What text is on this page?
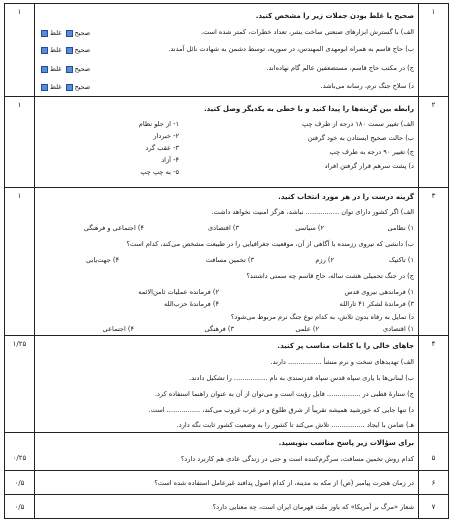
۱
۱	صحیح یا غلط بودن جملات زیر را مشخص کنید.
الف) با گسترش ابزارهای صنعتی ساخت بشر، تعداد خطرات، کمتر شده است.
ب) حاج قاسم به همراه ابومهدی المهندس، در سوریه، توسط دشمن به شهادت نائل آمدند.
ج) در مکتب حاج قاسم، مستضعفین عالم گام نهاده‌اند.
د) سلاح جنگ نرم، رسانه می‌باشد.
صحیح غلط
صحیح غلط
صحیح غلط
صحیح غلط
۲
۱	رابطه بین گزینه‌ها را پیدا کنید و با خطی به یکدیگر وصل کنید.
الف) تغییر سمت ۱۸۰ درجه از طرف چپ
ب) حالت صحیح ایستادن به خود گرفتن
ج) تغییر ۹۰ درجه به طرف چپ
د) پشت سرهم قرار گرفتن افراد
۱- از جلو نظام
۲- خبردار
۳- عقب گرد
۴- آزاد
۵- به چپ چپ
۳
۱	گزینه درست را در هر مورد انتخاب کنید.
الف) اگر کشور دارای توان ................ نباشد، هرگز امنیت نخواهد داشت.
۱) نظامی
۲) سیاسی
۳) اقتصادی
۴) اجتماعی و فرهنگی
ب) دانشی که نیروی رزمنده با آگاهی از آن، موقعیت جغرافیایی را در طبیعت مشخص می‌کند، کدام است؟
۱) تاکتیک
۲) رزم
۳) تخمین مسافت
۴) جهت‌یابی
ج) در جنگ تحمیلی هشت ساله، حاج قاسم چه سمتی داشتند؟
۱) فرماندهی نیروی قدس
۲) فرمانده عملیات ثامن‌الائمه
۳) فرماندهٔ لشکر ۴۱ ثارالله
۴) فرماندهٔ حزب‌الله
د) تمایل به رفاه بدون تلاش، به کدام نوع جنگ نرم مربوط می‌شود؟
۱) اقتصادی
۲) علمی
۳) فرهنگی
۴) اجتماعی
۴
۱/۲۵	جاهای خالی را با کلمات مناسب پر کنید.
الف) تهدیدهای سخت و نرم منشأ ................ دارند.
ب) لبنانی‌ها با یاری سپاه قدس سپاه قدرتمندی به نام ................ را تشکیل دادند.
ج) ستارهٔ قطبی در ................ قابل رؤیت است و می‌توان از آن به عنوان راهنما استفاده کرد.
د) تنها جایی که خورشید همیشه تقریباً از شرق طلوع و در غرب غروب می‌کند، ................ است.
هـ) ضامن با ایجاد ................ تلاش می‌کند تا کشور را به وضعیت کشور ثابت نگه دارد.
۵
۰/۲۵
برای سؤالات زیر پاسخ مناسب بنویسید.
کدام روش تخمین مسافت، سرگرم‌کننده است و حتی در زندگی عادی هم کاربرد دارد؟
۶
۰/۵	در زمان هجرت پیامبر (ص) از مکه به مدینه، از کدام اصول پدافند غیرعامل استفاده شده است؟
۷
۰/۵	شعار «مرگ بر آمریکا» که باور ملت قهرمان ایران است، چه معنایی دارد؟
